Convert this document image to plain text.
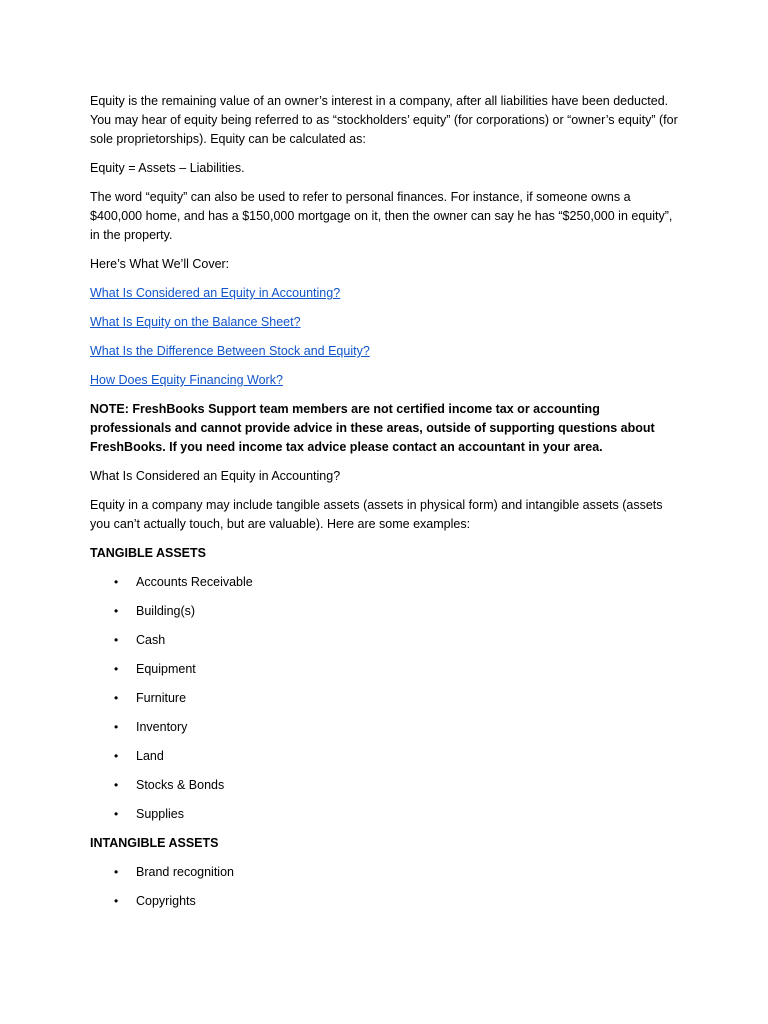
Equity is the remaining value of an owner’s interest in a company, after all liabilities have been deducted. You may hear of equity being referred to as “stockholders’ equity” (for corporations) or “owner’s equity” (for sole proprietorships). Equity can be calculated as:

Equity = Assets – Liabilities.

The word “equity” can also be used to refer to personal finances. For instance, if someone owns a $400,000 home, and has a $150,000 mortgage on it, then the owner can say he has “$250,000 in equity”, in the property.

Here’s What We’ll Cover:

What Is Considered an Equity in Accounting?

What Is Equity on the Balance Sheet?

What Is the Difference Between Stock and Equity?

How Does Equity Financing Work?

NOTE: FreshBooks Support team members are not certified income tax or accounting professionals and cannot provide advice in these areas, outside of supporting questions about FreshBooks. If you need income tax advice please contact an accountant in your area.

What Is Considered an Equity in Accounting?

Equity in a company may include tangible assets (assets in physical form) and intangible assets (assets you can’t actually touch, but are valuable). Here are some examples:

TANGIBLE ASSETS

• Accounts Receivable
• Building(s)
• Cash
• Equipment
• Furniture
• Inventory
• Land
• Stocks & Bonds
• Supplies

INTANGIBLE ASSETS

• Brand recognition
• Copyrights
